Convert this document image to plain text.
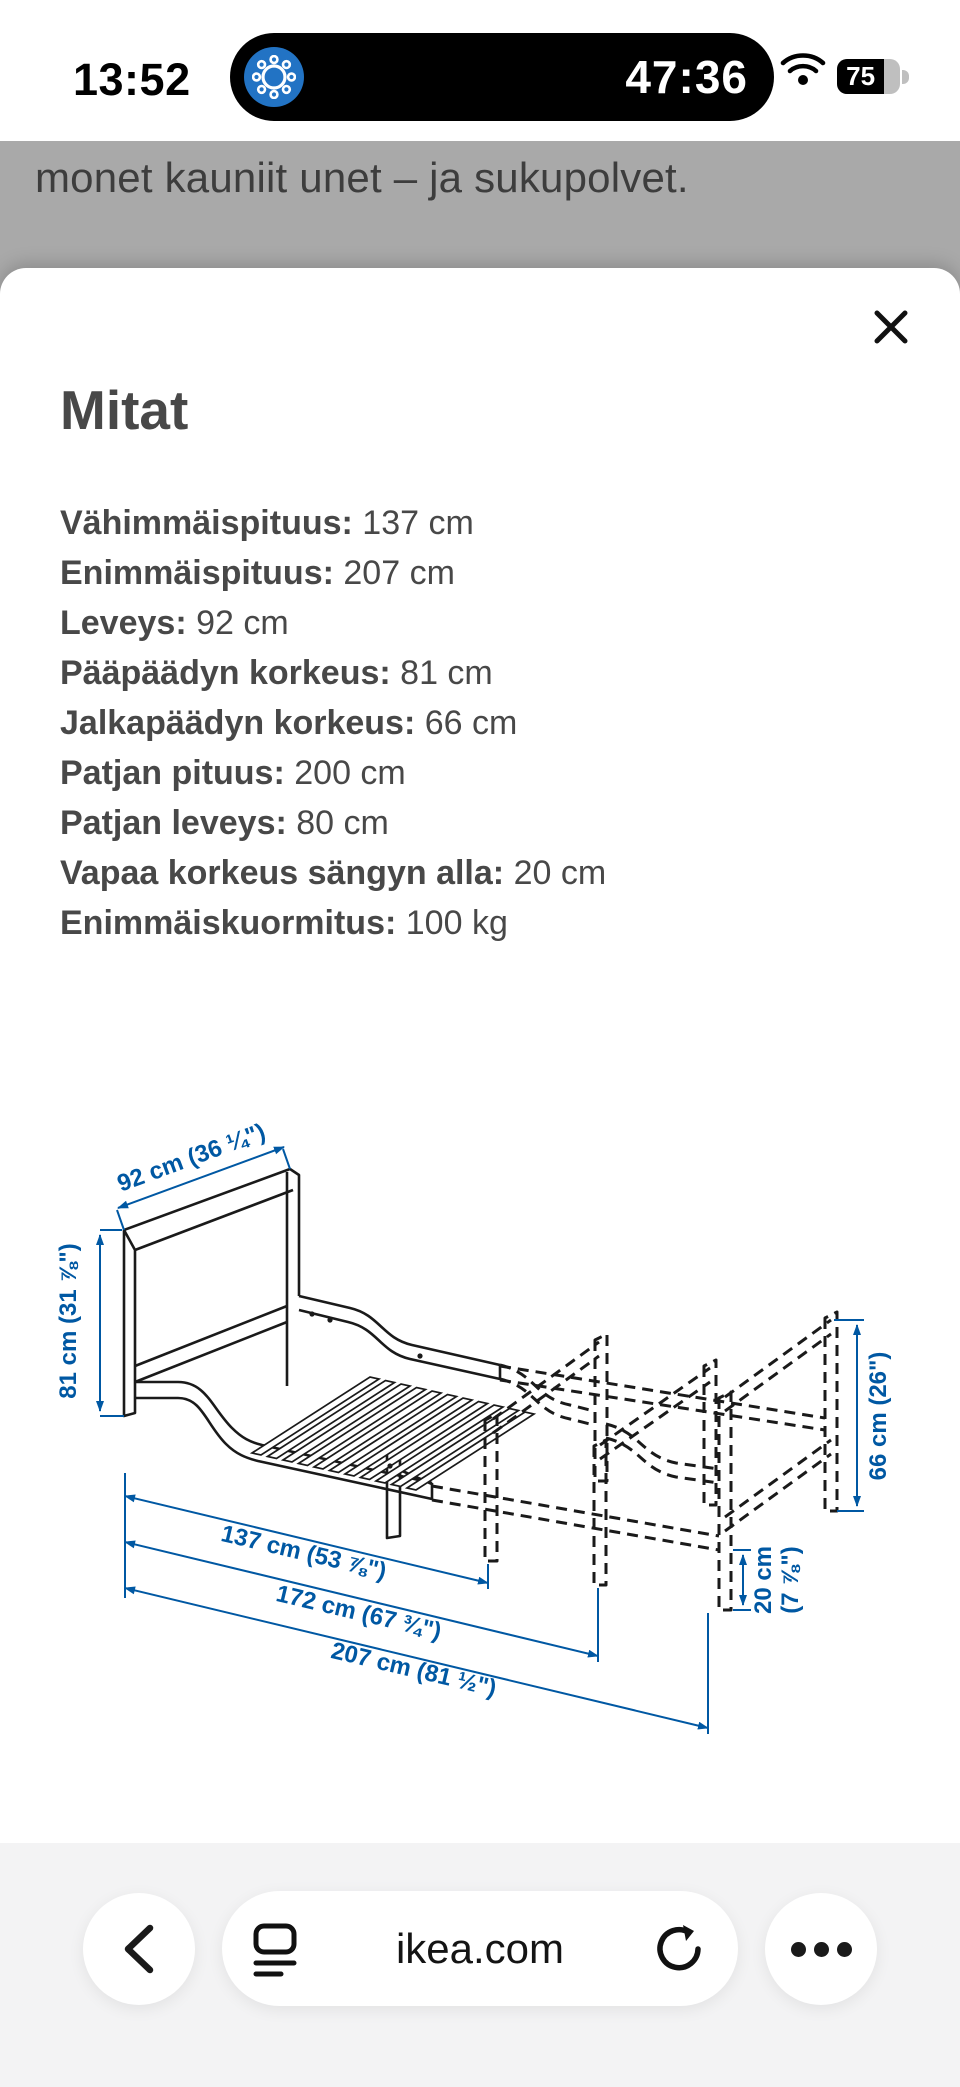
13:52	47:36	75
monet kauniit unet – ja sukupolvet.
Mitat
Vähimmäispituus: 137 cm
Enimmäispituus: 207 cm
Leveys: 92 cm
Pääpäädyn korkeus: 81 cm
Jalkapäädyn korkeus: 66 cm
Patjan pituus: 200 cm
Patjan leveys: 80 cm
Vapaa korkeus sängyn alla: 20 cm
Enimmäiskuormitus: 100 kg
92 cm (36 ¼")
81 cm (31 ⅞")
137 cm (53 ⅞")
172 cm (67 ¾")
207 cm (81 ½")
66 cm (26")
20 cm (7 ⅞")
ikea.com
